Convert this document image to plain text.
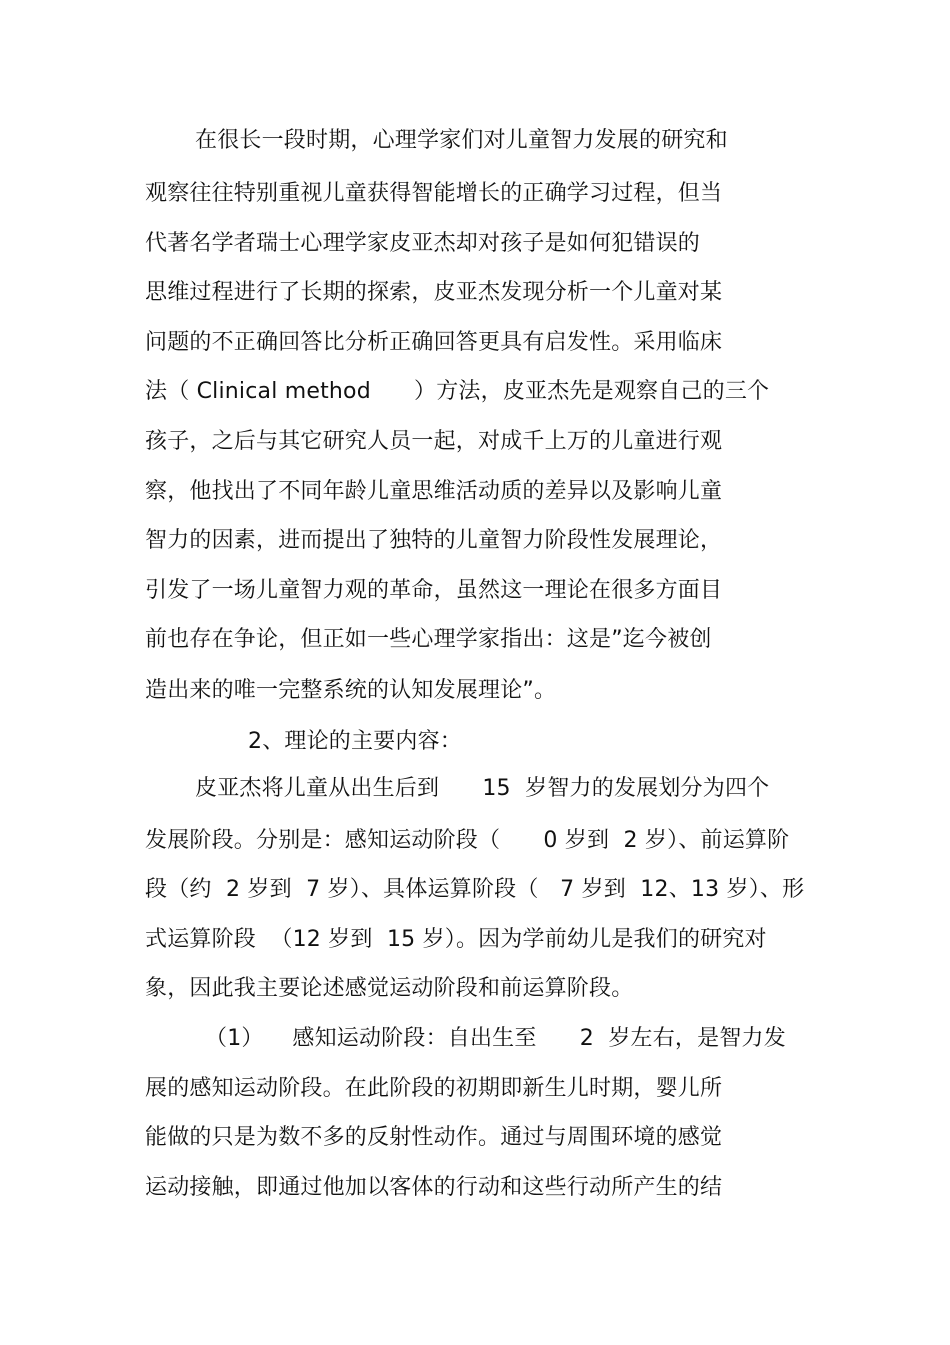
在很长一段时期，心理学家们对儿童智力发展的研究和
观察往往特别重视儿童获得智能增长的正确学习过程，但当
代著名学者瑞士心理学家皮亚杰却对孩子是如何犯错误的
思维过程进行了长期的探索，皮亚杰发现分析一个儿童对某
问题的不正确回答比分析正确回答更具有启发性。采用临床
法（ Clinical method      ）方法，皮亚杰先是观察自己的三个
孩子，之后与其它研究人员一起，对成千上万的儿童进行观
察，他找出了不同年龄儿童思维活动质的差异以及影响儿童
智力的因素，进而提出了独特的儿童智力阶段性发展理论，
引发了一场儿童智力观的革命，虽然这一理论在很多方面目
前也存在争论，但正如一些心理学家指出：这是”迄今被创
造出来的唯一完整系统的认知发展理论”。
2、理论的主要内容：
皮亚杰将儿童从出生后到      15  岁智力的发展划分为四个
发展阶段。分别是：感知运动阶段（      0 岁到  2 岁）、前运算阶
段（约  2 岁到  7 岁）、具体运算阶段（   7 岁到  12、13 岁）、形
式运算阶段  （12 岁到  15 岁）。因为学前幼儿是我们的研究对
象，因此我主要论述感觉运动阶段和前运算阶段。
（1）    感知运动阶段：自出生至      2  岁左右，是智力发
展的感知运动阶段。在此阶段的初期即新生儿时期，婴儿所
能做的只是为数不多的反射性动作。通过与周围环境的感觉
运动接触，即通过他加以客体的行动和这些行动所产生的结
